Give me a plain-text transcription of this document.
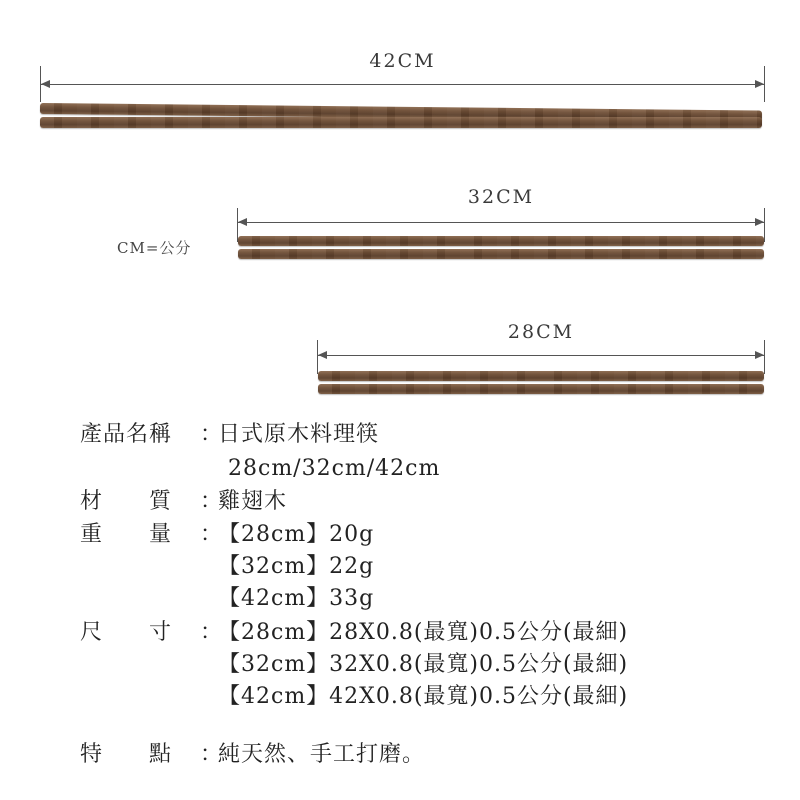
42CM
32CM
CM=公分
28CM
產品名稱 ：日式原木料理筷
28cm/32cm/42cm
材　　質 ：雞翅木
重　　量 ：【28cm】20g
【32cm】22g
【42cm】33g
尺　　寸 ：【28cm】28X0.8(最寬)0.5公分(最細)
【32cm】32X0.8(最寬)0.5公分(最細)
【42cm】42X0.8(最寬)0.5公分(最細)
特　　點 ：純天然、手工打磨。
